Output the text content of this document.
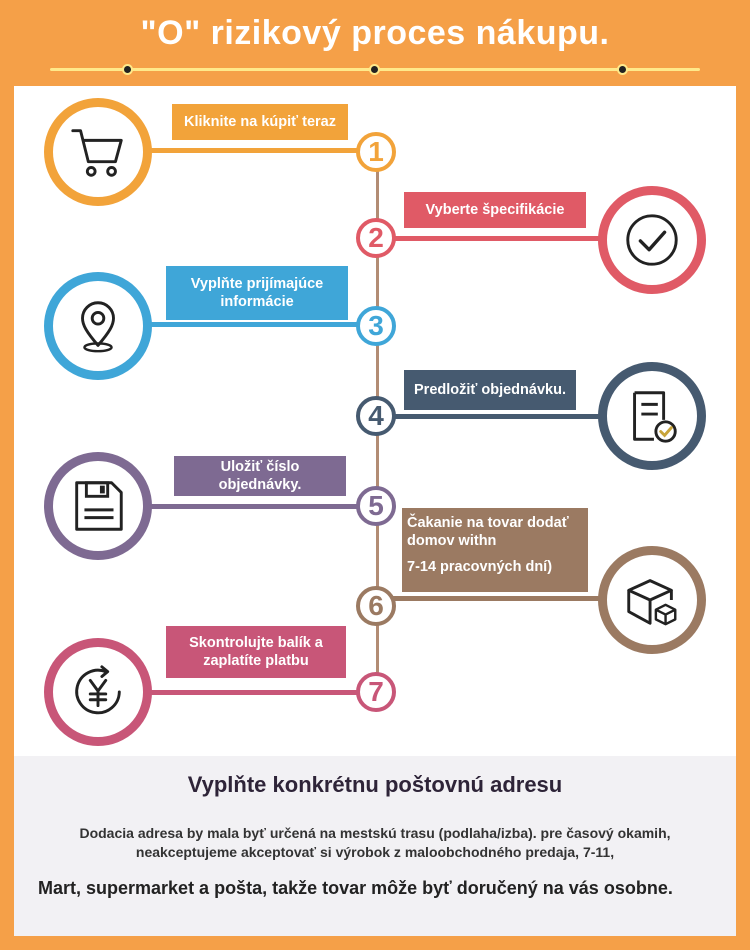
"O" rizikový proces nákupu.
Kliknite na kúpiť teraz
1
Vyberte špecifikácie
2
Vyplňte prijímajúce informácie
3
Predložiť objednávku.
4
Uložiť číslo objednávky.
5
Čakanie na tovar dodať domov withn
7-14 pracovných dní)
6
Skontrolujte balík a zaplatíte platbu
7
Vyplňte konkrétnu poštovnú adresu
Dodacia adresa by mala byť určená na mestskú trasu (podlaha/izba). pre časový okamih, neakceptujeme akceptovať si výrobok z maloobchodného predaja, 7-11,
Mart, supermarket a pošta, takže tovar môže byť doručený na vás osobne.
